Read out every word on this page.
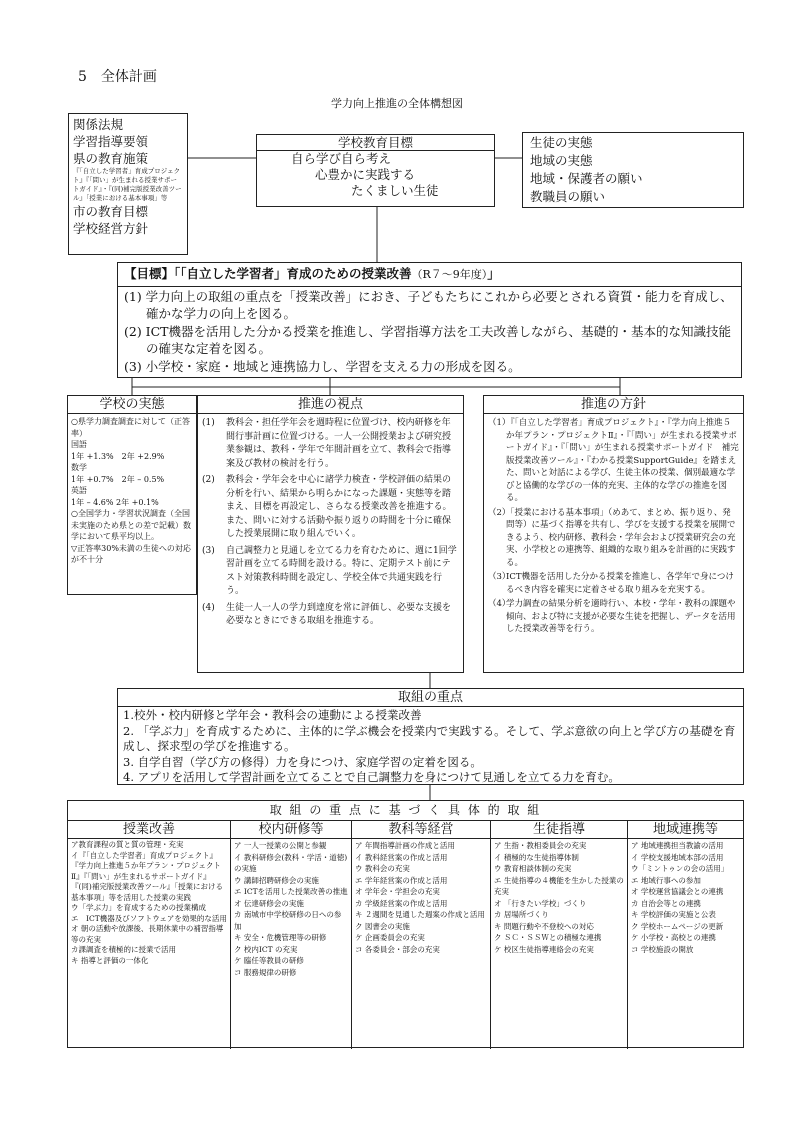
5　全体計画
学力向上推進の全体構想図
関係法規
学習指導要領
県の教育施策
『「自立した学習者」育成プロジェクト』『「問い」が生まれる授業サポートガイド』・『(同)補完版授業改善ツール』「授業における基本事項」等
市の教育目標
学校経営方針
学校教育目標
自ら学び自ら考え
心豊かに実践する
たくましい生徒
生徒の実態
地域の実態
地域・保護者の願い
教職員の願い
【目標】「「自立した学習者」育成のための授業改善（R７～9年度）」
(1) 学力向上の取組の重点を「授業改善」におき、子どもたちにこれから必要とされる資質・能力を育成し、確かな学力の向上を図る。
(2) ICT機器を活用した分かる授業を推進し、学習指導方法を工夫改善しながら、基礎的・基本的な知識技能の確実な定着を図る。
(3) 小学校・家庭・地域と連携協力し、学習を支える力の形成を図る。
学校の実態
○県学力調査調査に対して（正答率）
国語
1年 +1.3%　2年 +2.9%
数学
1年 +0.7%　2年 – 0.5%
英語
1年 – 4.6% 2年 +0.1%
○全国学力・学習状況調査（全国未実施のため県との差で記載）数学において県平均以上。
▽正答率30%未満の生徒への対応が不十分
推進の視点
(1)	教科会・担任学年会を週時程に位置づけ、校内研修を年間行事計画に位置づける。一人一公開授業および研究授業参観は、教科・学年で年間計画を立て、教科会で指導案及び教材の検討を行う。
(2)	教科会・学年会を中心に諸学力検査・学校評価の結果の分析を行い、結果から明らかになった課題・実態等を踏まえ、目標を再設定し、さらなる授業改善を推進する。また、問いに対する活動や振り返りの時間を十分に確保した授業展開に取り組んでいく。
(3)	自己調整力と見通しを立てる力を育むために、週に1回学習計画を立てる時間を設ける。特に、定期テスト前にテスト対策教科時間を設定し、学校全体で共通実践を行う。
(4)	生徒一人一人の学力到達度を常に評価し、必要な支援を必要なときにできる取組を推進する。
推進の方針
（1）
『「自立した学習者」育成プロジェクト』・『学力向上推進５か年プラン・プロジェクトⅡ』・『「問い」が生まれる授業サポートガイド』・『「問い」が生まれる授業サポートガイド　補完版授業改善ツール』・『わかる授業SupportGuide』を踏まえた、問いと対話による学び、生徒主体の授業、個別最適な学びと協働的な学びの一体的充実、主体的な学びの推進を図る。
（2）
「授業における基本事項」（めあて、まとめ、振り返り、発問等）に基づく指導を共有し、学びを支援する授業を展開できるよう、校内研修、教科会・学年会および授業研究会の充実、小学校との連携等、組織的な取り組みを計画的に実践する。
（3）
ICT機器を活用した分かる授業を推進し、各学年で身につけるべき内容を確実に定着させる取り組みを充実する。
（4）
学力調査の結果分析を適時行い、本校・学年・教科の課題や傾向、および特に支援が必要な生徒を把握し、データを活用した授業改善等を行う。
取組の重点
1.校外・校内研修と学年会・教科会の連動による授業改善
2. 「学ぶ力」を育成するために、主体的に学ぶ機会を授業内で実践する。そして、学ぶ意欲の向上と学び方の基礎を育成し、探求型の学びを推進する。
3. 自学自習（学び方の修得）力を身につけ、家庭学習の定着を図る。
4. アプリを活用して学習計画を立てることで自己調整力を身につけて見通しを立てる力を育む。
取 組 の 重 点 に 基 づ く 具 体 的 取 組
授業改善
ア教育課程の質と質の管理・充実
イ『「自立した学習者」育成プロジェクト』『学力向上推進５か年プラン・プロジェクトⅡ』『「問い」が生まれるサポートガイド』『(同)補完版授業改善ツール』「授業における基本事項」等を活用した授業の実践
ウ「学ぶ力」を育成するための授業構成
エ　ICT機器及びソフトウェアを効果的な活用
オ 朝の活動や放課後、長期休業中の補習指導等の充実
カ課調査を積極的に授業で活用
キ 指導と評価の一体化
校内研修等
ア 一人一授業の公開と参観
イ 教科研修会(教科・学活・道徳)の実施
ウ 講師招聘研修会の実施
エ ICTを活用した授業改善の推進
オ 伝達研修会の実施
カ 南城市中学校研修の日への参加
キ 安全・危機管理等の研修
ク 校内ICT の充実
ケ 臨任等教員の研修
コ 服務規律の研修
教科等経営
ア 年間指導計画の作成と活用
イ 教科経営案の作成と活用
ウ 教科会の充実
エ 学年経営案の作成と活用
オ 学年会・学担会の充実
カ 学級経営案の作成と活用
キ ２週間を見通した週案の作成と活用
ク 図書会の実施
ケ 企画委員会の充実
コ 各委員会・部会の充実
生徒指導
ア 生指・教相委員会の充実
イ 積極的な生徒指導体制
ウ 教育相談体制の充実
エ 生徒指導の４機能を生かした授業の充実
オ 「行きたい学校」づくり
カ 居場所づくり
キ 問題行動や不登校への対応
ク ＳＣ・ＳＳＷとの積極な連携
ケ 校区生徒指導連絡会の充実
地域連携等
ア 地域連携担当教諭の活用
イ 学校支援地域本部の活用
ウ「ミントゥンの会の活用」
エ 地域行事への参加
オ 学校運営協議会との連携
カ 自治会等との連携
キ 学校評価の実施と公表
ク 学校ホームページの更新
ケ 小学校・高校との連携
コ 学校施設の開放
